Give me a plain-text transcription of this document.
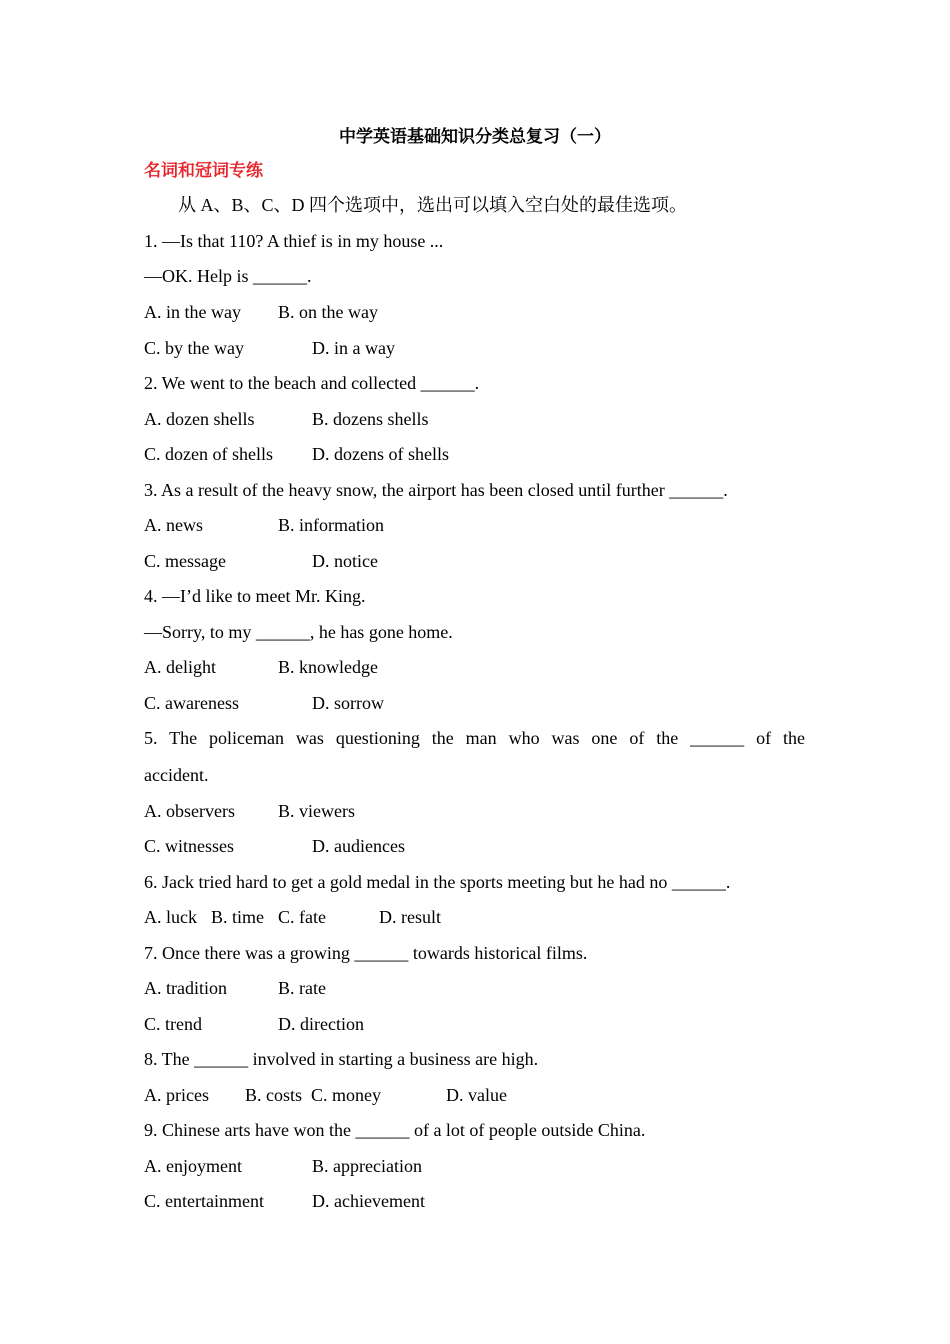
中学英语基础知识分类总复习（一）
名词和冠词专练
从 A、B、C、D 四个选项中，选出可以填入空白处的最佳选项。
1. —Is that 110? A thief is in my house ...
—OK. Help is ______.
A. in the way B. on the way
C. by the way	D. in a way
2. We went to the beach and collected ______.
A. dozen shells	B. dozens shells
C. dozen of shells D. dozens of shells
3. As a result of the heavy snow, the airport has been closed until further ______.
A. news	B. information
C. message	D. notice
4. —I’d like to meet Mr. King.
—Sorry, to my ______, he has gone home.
A. delight	B. knowledge
C. awareness	D. sorrow
5. The policeman was questioning the man who was one of the ______ of the
accident.
A. observers B. viewers
C. witnesses	D. audiences
6. Jack tried hard to get a gold medal in the sports meeting but he had no ______.
A. luck B. time C. fate	D. result
7. Once there was a growing ______ towards historical films.
A. tradition	B. rate
C. trend	D. direction
8. The ______ involved in starting a business are high.
A. prices B. costs C. money	D. value
9. Chinese arts have won the ______ of a lot of people outside China.
A. enjoyment	B. appreciation
C. entertainment	D. achievement
